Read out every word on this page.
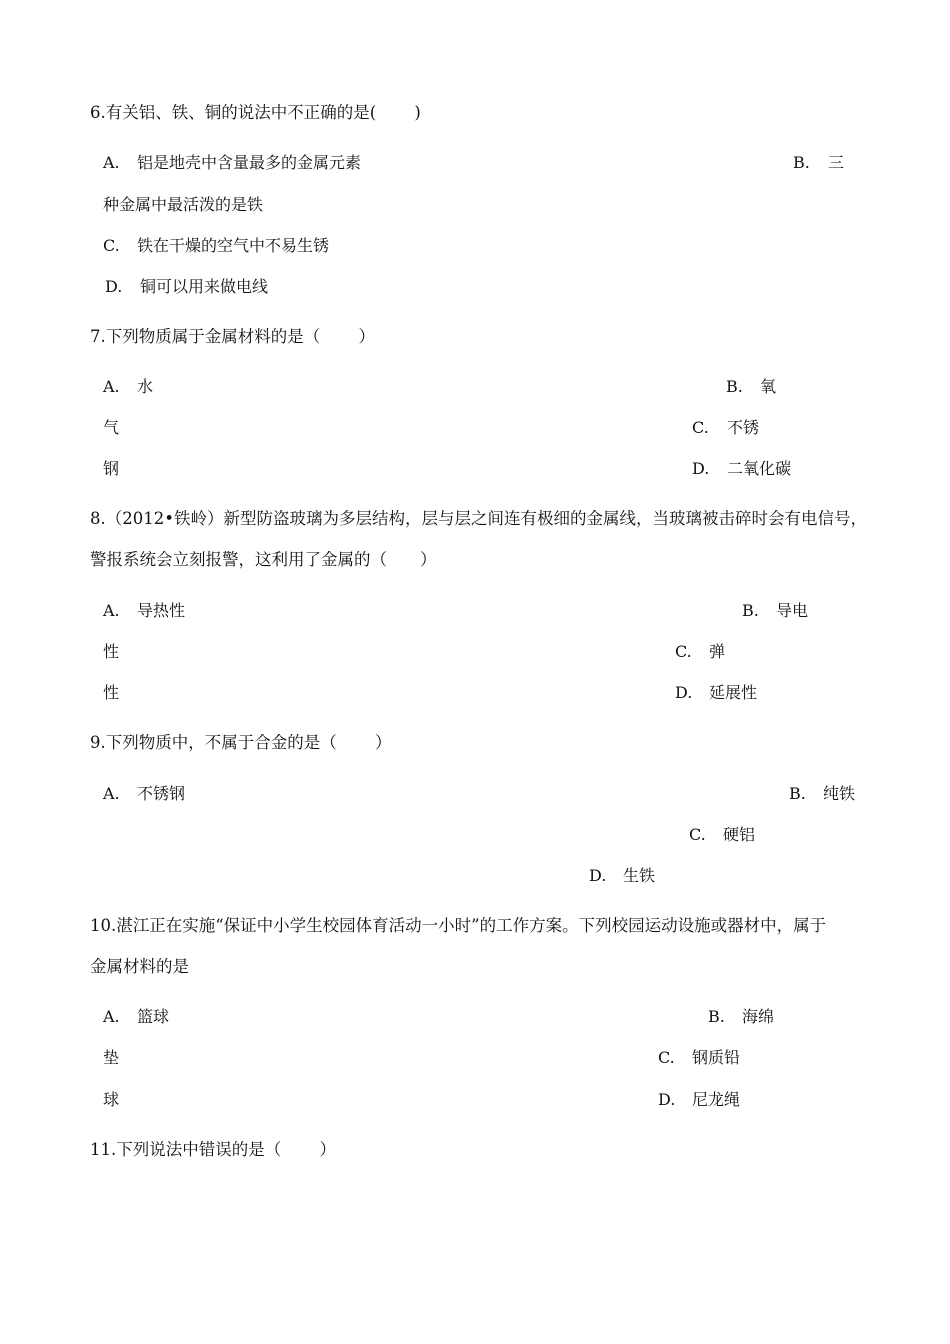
6.有关铝、铁、铜的说法中不正确的是(　　 )
A. 铝是地壳中含量最多的金属元素	B. 三
种金属中最活泼的是铁
C. 铁在干燥的空气中不易生锈
D. 铜可以用来做电线
7.下列物质属于金属材料的是（　　 ）
A. 水	B. 氧
气	C. 不锈
钢	D. 二氧化碳
8.（2012•铁岭）新型防盗玻璃为多层结构，层与层之间连有极细的金属线，当玻璃被击碎时会有电信号，
警报系统会立刻报警，这利用了金属的（　　）
A. 导热性	B. 导电
性	C. 弹
性	D. 延展性
9.下列物质中，不属于合金的是（　　 ）
A. 不锈钢	B. 纯铁
C. 硬铝
D. 生铁
10.湛江正在实施“保证中小学生校园体育活动一小时”的工作方案。下列校园运动设施或器材中，属于
金属材料的是
A. 篮球	B. 海绵
垫	C. 钢质铅
球	D. 尼龙绳
11.下列说法中错误的是（　　 ）
